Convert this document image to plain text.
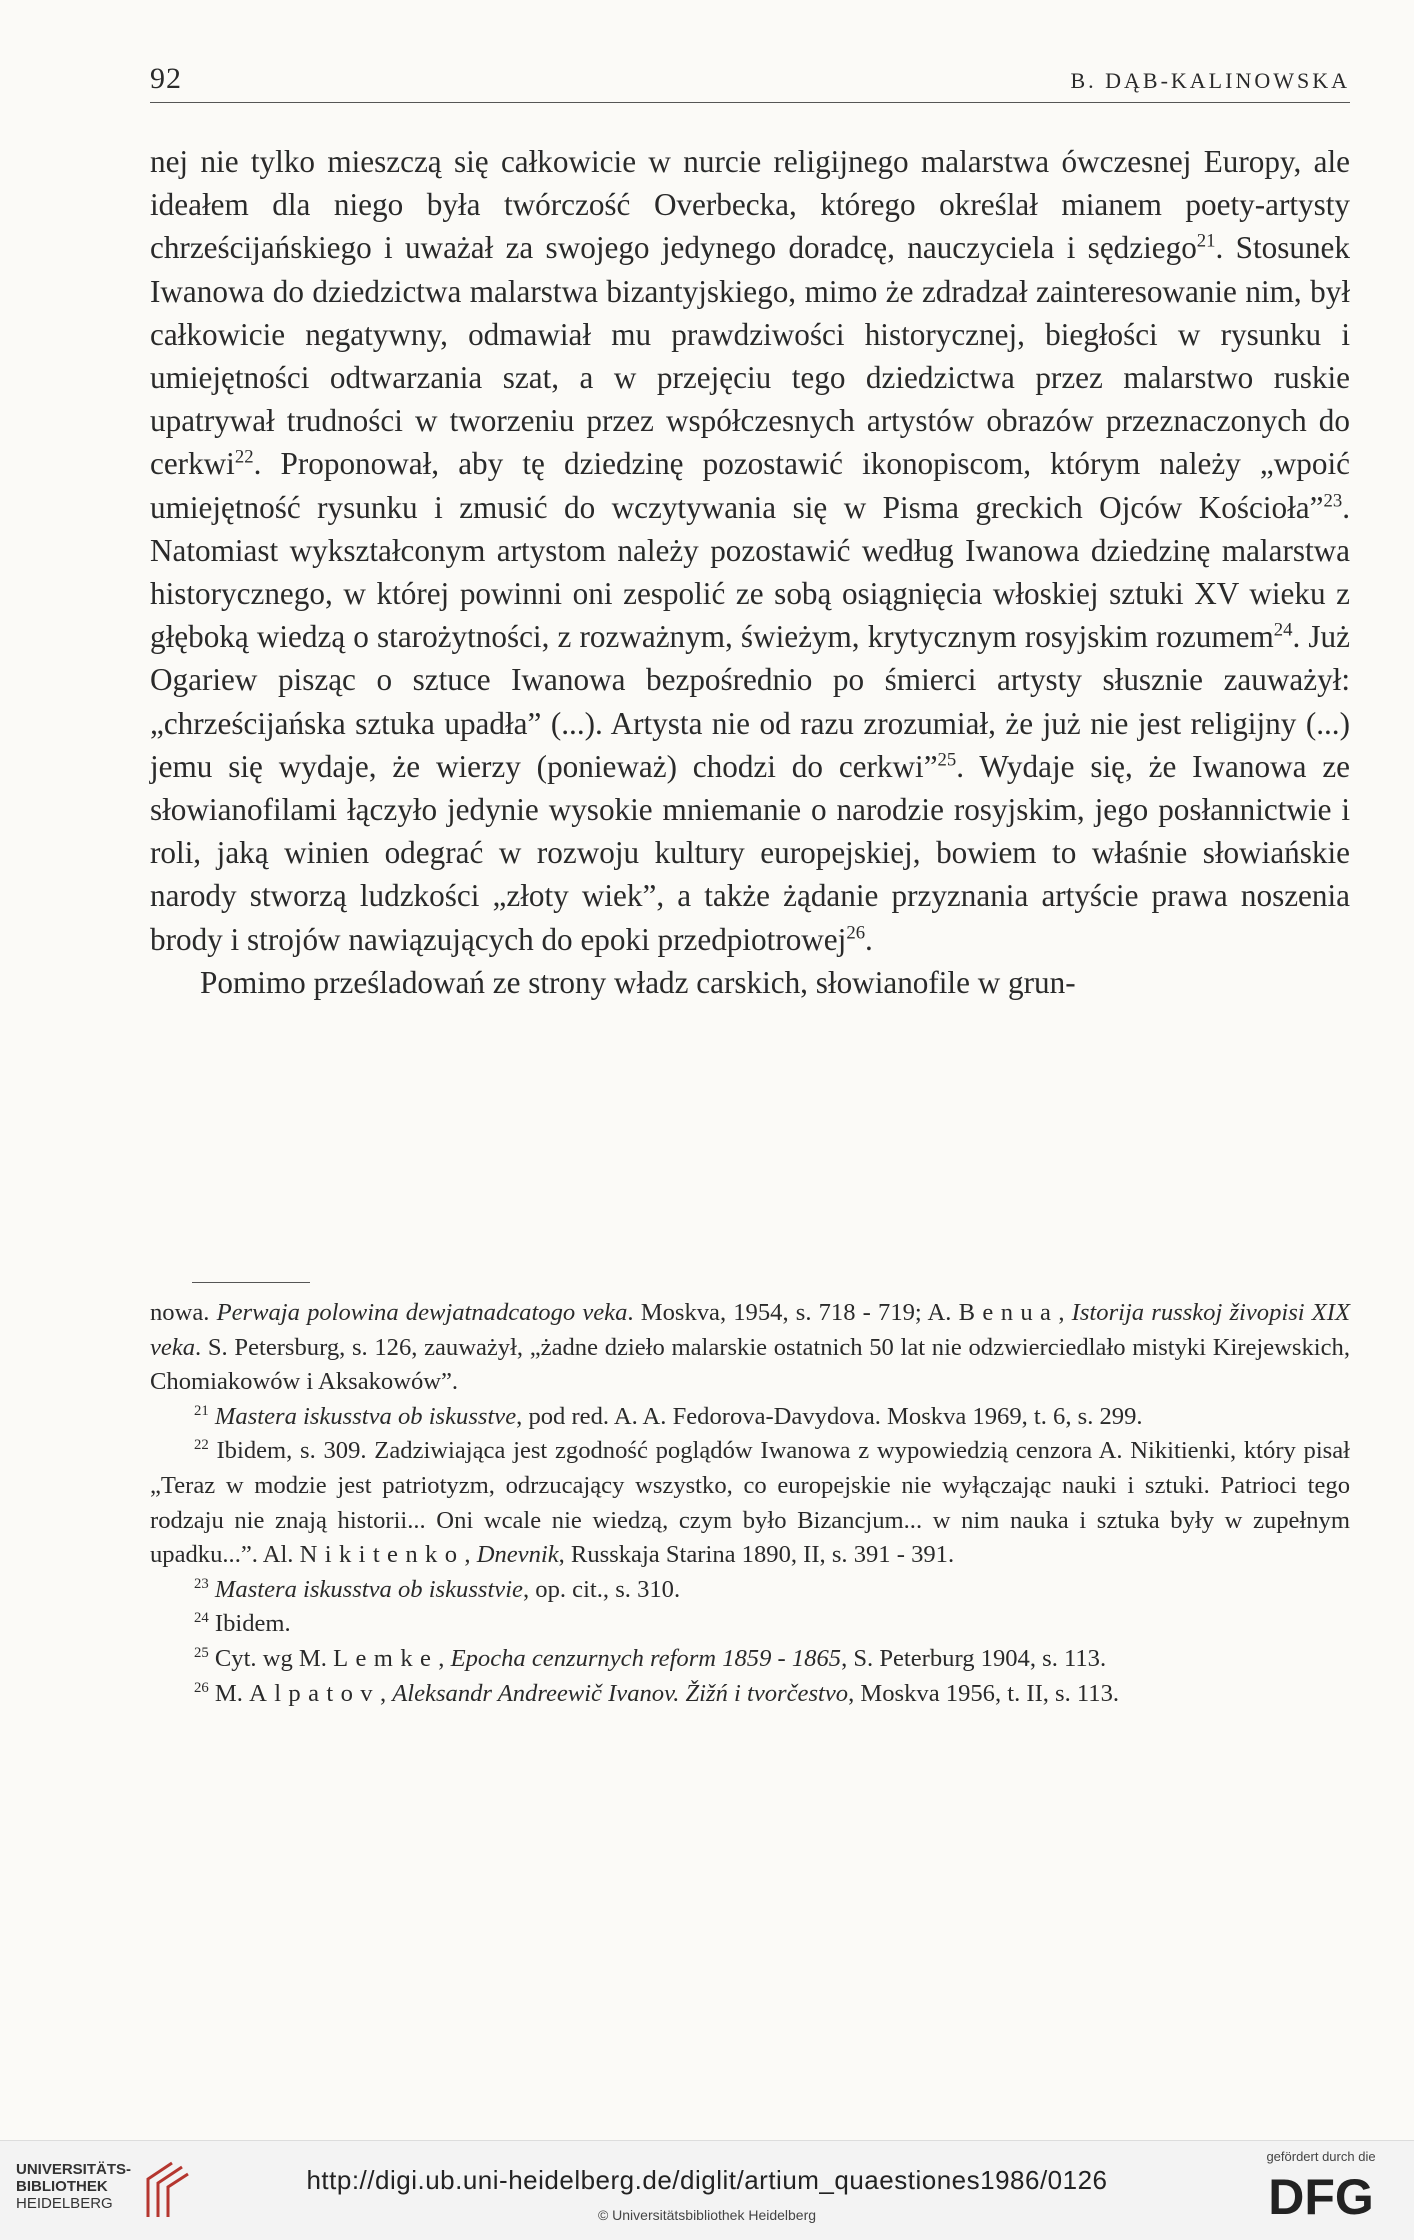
92	B. DĄB-KALINOWSKA

nej nie tylko mieszczą się całkowicie w nurcie religijnego malarstwa ówczesnej Europy, ale ideałem dla niego była twórczość Overbecka, którego określał mianem poety-artysty chrześcijańskiego i uważał za swojego jedynego doradcę, nauczyciela i sędziego$^{21}$. Stosunek Iwanowa do dziedzictwa malarstwa bizantyjskiego, mimo że zdradzał zainteresowanie nim, był całkowicie negatywny, odmawiał mu prawdziwości historycznej, biegłości w rysunku i umiejętności odtwarzania szat, a w przejęciu tego dziedzictwa przez malarstwo ruskie upatrywał trudności w tworzeniu przez współczesnych artystów obrazów przeznaczonych do cerkwi$^{22}$. Proponował, aby tę dziedzinę pozostawić ikonopiscom, którym należy „wpoić umiejętność rysunku i zmusić do wczytywania się w Pisma greckich Ojców Kościoła”$^{23}$. Natomiast wykształconym artystom należy pozostawić według Iwanowa dziedzinę malarstwa historycznego, w której powinni oni zespolić ze sobą osiągnięcia włoskiej sztuki XV wieku z głęboką wiedzą o starożytności, z rozważnym, świeżym, krytycznym rosyjskim rozumem$^{24}$. Już Ogariew pisząc o sztuce Iwanowa bezpośrednio po śmierci artysty słusznie zauważył: „chrześcijańska sztuka upadła” (...). Artysta nie od razu zrozumiał, że już nie jest religijny (...) jemu się wydaje, że wierzy (ponieważ) chodzi do cerkwi”$^{25}$. Wydaje się, że Iwanowa ze słowianofilami łączyło jedynie wysokie mniemanie o narodzie rosyjskim, jego posłannictwie i roli, jaką winien odegrać w rozwoju kultury europejskiej, bowiem to właśnie słowiańskie narody stworzą ludzkości „złoty wiek”, a także żądanie przyznania artyście prawa noszenia brody i strojów nawiązujących do epoki przedpiotrowej$^{26}$.

Pomimo prześladowań ze strony władz carskich, słowianofile w grun-

nowa. Perwaja polowina dewjatnadcatogo veka. Moskva, 1954, s. 718 - 719; A. Benua, Istorija russkoj živopisi XIX veka. S. Petersburg, s. 126, zauważył, „żadne dzieło malarskie ostatnich 50 lat nie odzwierciedlało mistyki Kirejewskich, Chomiakowów i Aksakowów”.

$^{21}$ Mastera iskusstva ob iskusstve, pod red. A. A. Fedorova-Davydova. Moskva 1969, t. 6, s. 299.

$^{22}$ Ibidem, s. 309. Zadziwiająca jest zgodność poglądów Iwanowa z wypowiedzią cenzora A. Nikitienki, który pisał „Teraz w modzie jest patriotyzm, odrzucający wszystko, co europejskie nie wyłączając nauki i sztuki. Patrioci tego rodzaju nie znają historii... Oni wcale nie wiedzą, czym było Bizancjum... w nim nauka i sztuka były w zupełnym upadku...”. Al. Nikitenko, Dnevnik, Russkaja Starina 1890, II, s. 391 - 391.

$^{23}$ Mastera iskusstva ob iskusstvie, op. cit., s. 310.

$^{24}$ Ibidem.

$^{25}$ Cyt. wg M. Lemke, Epocha cenzurnych reform 1859 - 1865, S. Peterburg 1904, s. 113.

$^{26}$ M. Alpatov, Aleksandr Andreewič Ivanov. Žižń i tvorčestvo, Moskva 1956, t. II, s. 113.

UNIVERSITÄTS-
BIBLIOTHEK
HEIDELBERG
http://digi.ub.uni-heidelberg.de/diglit/artium_quaestiones1986/0126
© Universitätsbibliothek Heidelberg
gefördert durch die
DFG
